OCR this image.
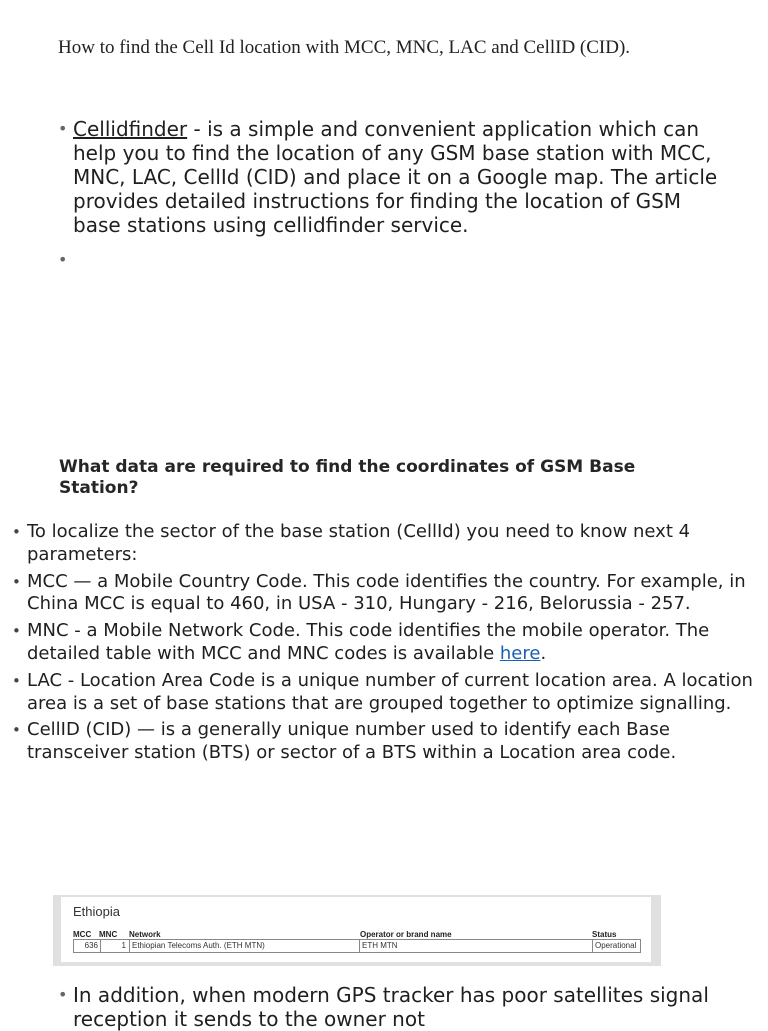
How to find the Cell Id location with MCC, MNC, LAC and CellID (CID).
• Cellidfinder - is a simple and convenient application which can help you to find the location of any GSM base station with MCC, MNC, LAC, CellId (CID) and place it on a Google map. The article provides detailed instructions for finding the location of GSM base stations using cellidfinder service.
•
What data are required to find the coordinates of GSM Base Station?
• To localize the sector of the base station (CellId) you need to know next 4 parameters:
• MCC — a Mobile Country Code. This code identifies the country. For example, in China MCC is equal to 460, in USA - 310, Hungary - 216, Belorussia - 257.
• MNC - a Mobile Network Code. This code identifies the mobile operator. The detailed table with MCC and MNC codes is available here.
• LAC - Location Area Code is a unique number of current location area. A location area is a set of base stations that are grouped together to optimize signalling.
• CellID (CID) — is a generally unique number used to identify each Base transceiver station (BTS) or sector of a BTS within a Location area code.
Ethiopia
MCC MNC Network	Operator or brand name	Status
636	1 Ethiopian Telecoms Auth. (ETH MTN)	ETH MTN	Operational
• In addition, when modern GPS tracker has poor satellites signal reception it sends to the owner not
